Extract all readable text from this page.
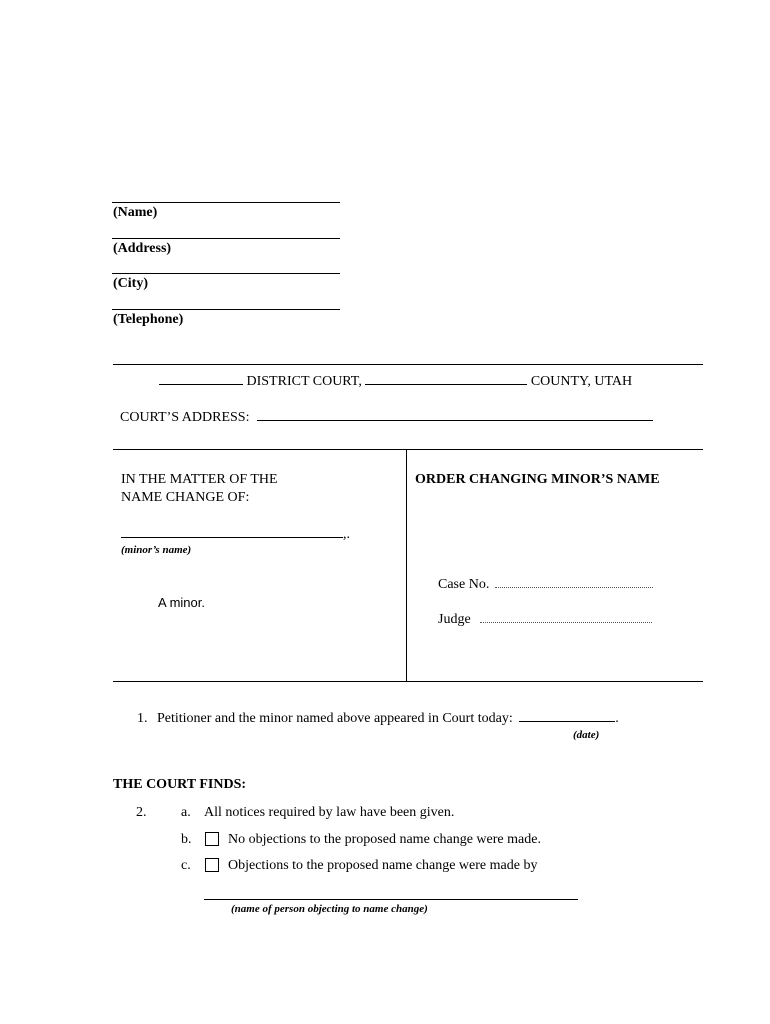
(Name)
(Address)
(City)
(Telephone)
DISTRICT COURT,	COUNTY, UTAH
COURT’S ADDRESS:
IN THE MATTER OF THE
NAME CHANGE OF:
,.
(minor’s name)
A minor.
ORDER CHANGING MINOR’S NAME
Case No.
Judge
1. Petitioner and the minor named above appeared in Court today:	.
(date)
THE COURT FINDS:
2. a. All notices required by law have been given.
b.	No objections to the proposed name change were made.
c.	Objections to the proposed name change were made by
(name of person objecting to name change)
